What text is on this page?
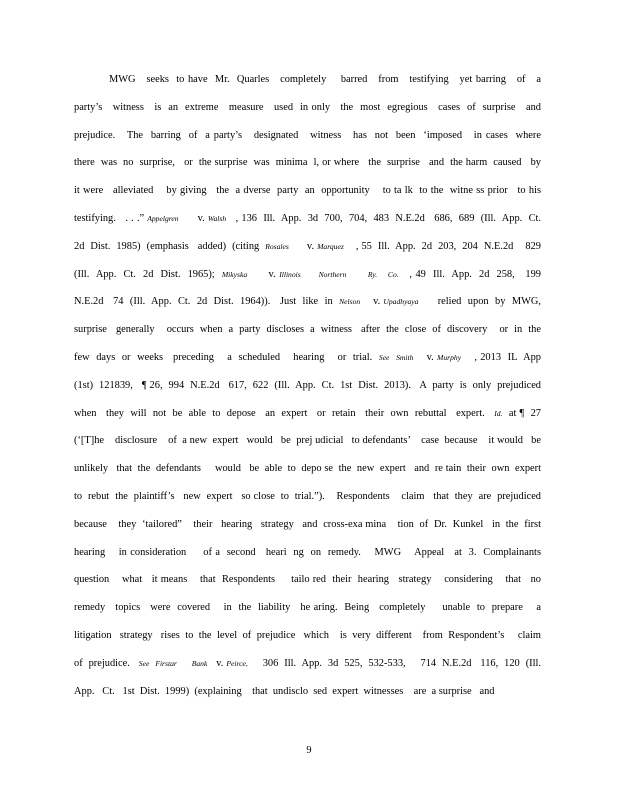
MWG   seeks  to have  Mr.  Quarles   completely    barred   from   testifying   yet barring   of   a
party’s   witness   is  an  extreme   measure   used  in only   the  most  egregious   cases  of  surprise   and
prejudice.   The  barring  of  a party’s   designated   witness   has  not  been  ‘imposed   in cases  where
there  was  no  surprise,   or  the surprise  was  minima  l, or where   the  surprise   and  the harm  caused   by
it were   alleviated    by giving   the  a dverse  party  an  opportunity    to ta lk  to the  witne ss prior   to his
testifying.   . . .” Appelgren      v. Walsh   , 136  Ill.  App.  3d  700,  704,  483  N.E.2d   686,  689  (Ill.  App.  Ct.
2d  Dist.  1985)  (emphasis   added)  (citing  Rosales      v. Marquez    , 55  Ill.  App.  2d  203,  204  N.E.2d    829
(Ill.  App.  Ct.  2d  Dist.  1965);  Mikyska      v. Illinois Northern	Ry. Co.   , 49  Ill.  App.  2d  258,   199
N.E.2d   74  (Ill.  App.  Ct.  2d  Dist.  1964)).   Just  like  in  Nelson    v. Upadhyaya      relied  upon  by  MWG,
surprise   generally    occurs  when  a  party  discloses  a  witness   after  the  close  of  discovery    or  in  the
few  days  or  weeks   preceding    a  scheduled    hearing    or  trial.  See Smith    v. Murphy    , 2013  IL  App
(1st)  121839,   ¶ 26,  994  N.E.2d   617,  622  (Ill.  App.  Ct.  1st  Dist.  2013).   A  party  is  only  prejudiced
when   they  will  not  be  able  to  depose   an  expert   or  retain   their  own  rebuttal   expert.   Id.  at ¶  27
(‘[T]he    disclosure    of  a new  expert   would   be  prej udicial   to defendants’    case  because    it would   be
unlikely   that  the  defendants     would   be  able  to  depo se  the  new  expert   and  re tain  their  own  expert
to  rebut  the  plaintiff’s   new  expert   so close  to  trial.”).    Respondents    claim   that  they  are  prejudiced
because    they  ‘tailored”    their   hearing   strategy   and  cross-exa mina    tion  of  Dr.  Kunkel   in  the  first
hearing    in consideration     of a  second   heari  ng  on  remedy.    MWG    Appeal   at  3.  Complainants
question    what   it means    that  Respondents     tailo red  their  hearing   strategy    considering    that   no
remedy   topics   were  covered    in  the  liability   he aring.  Being   completely     unable  to  prepare    a
litigation   strategy   rises  to  the  level  of  prejudice   which    is  very  different    from  Respondent’s     claim
of  prejudice.   See Firstar Bank   v. Peirce,     306  Ill.  App.  3d  525,  532-533,     714  N.E.2d   116,  120  (Ill.
App.   Ct.   1st  Dist.  1999)  (explaining    that  undisclo  sed  expert  witnesses    are  a surprise   and
9
